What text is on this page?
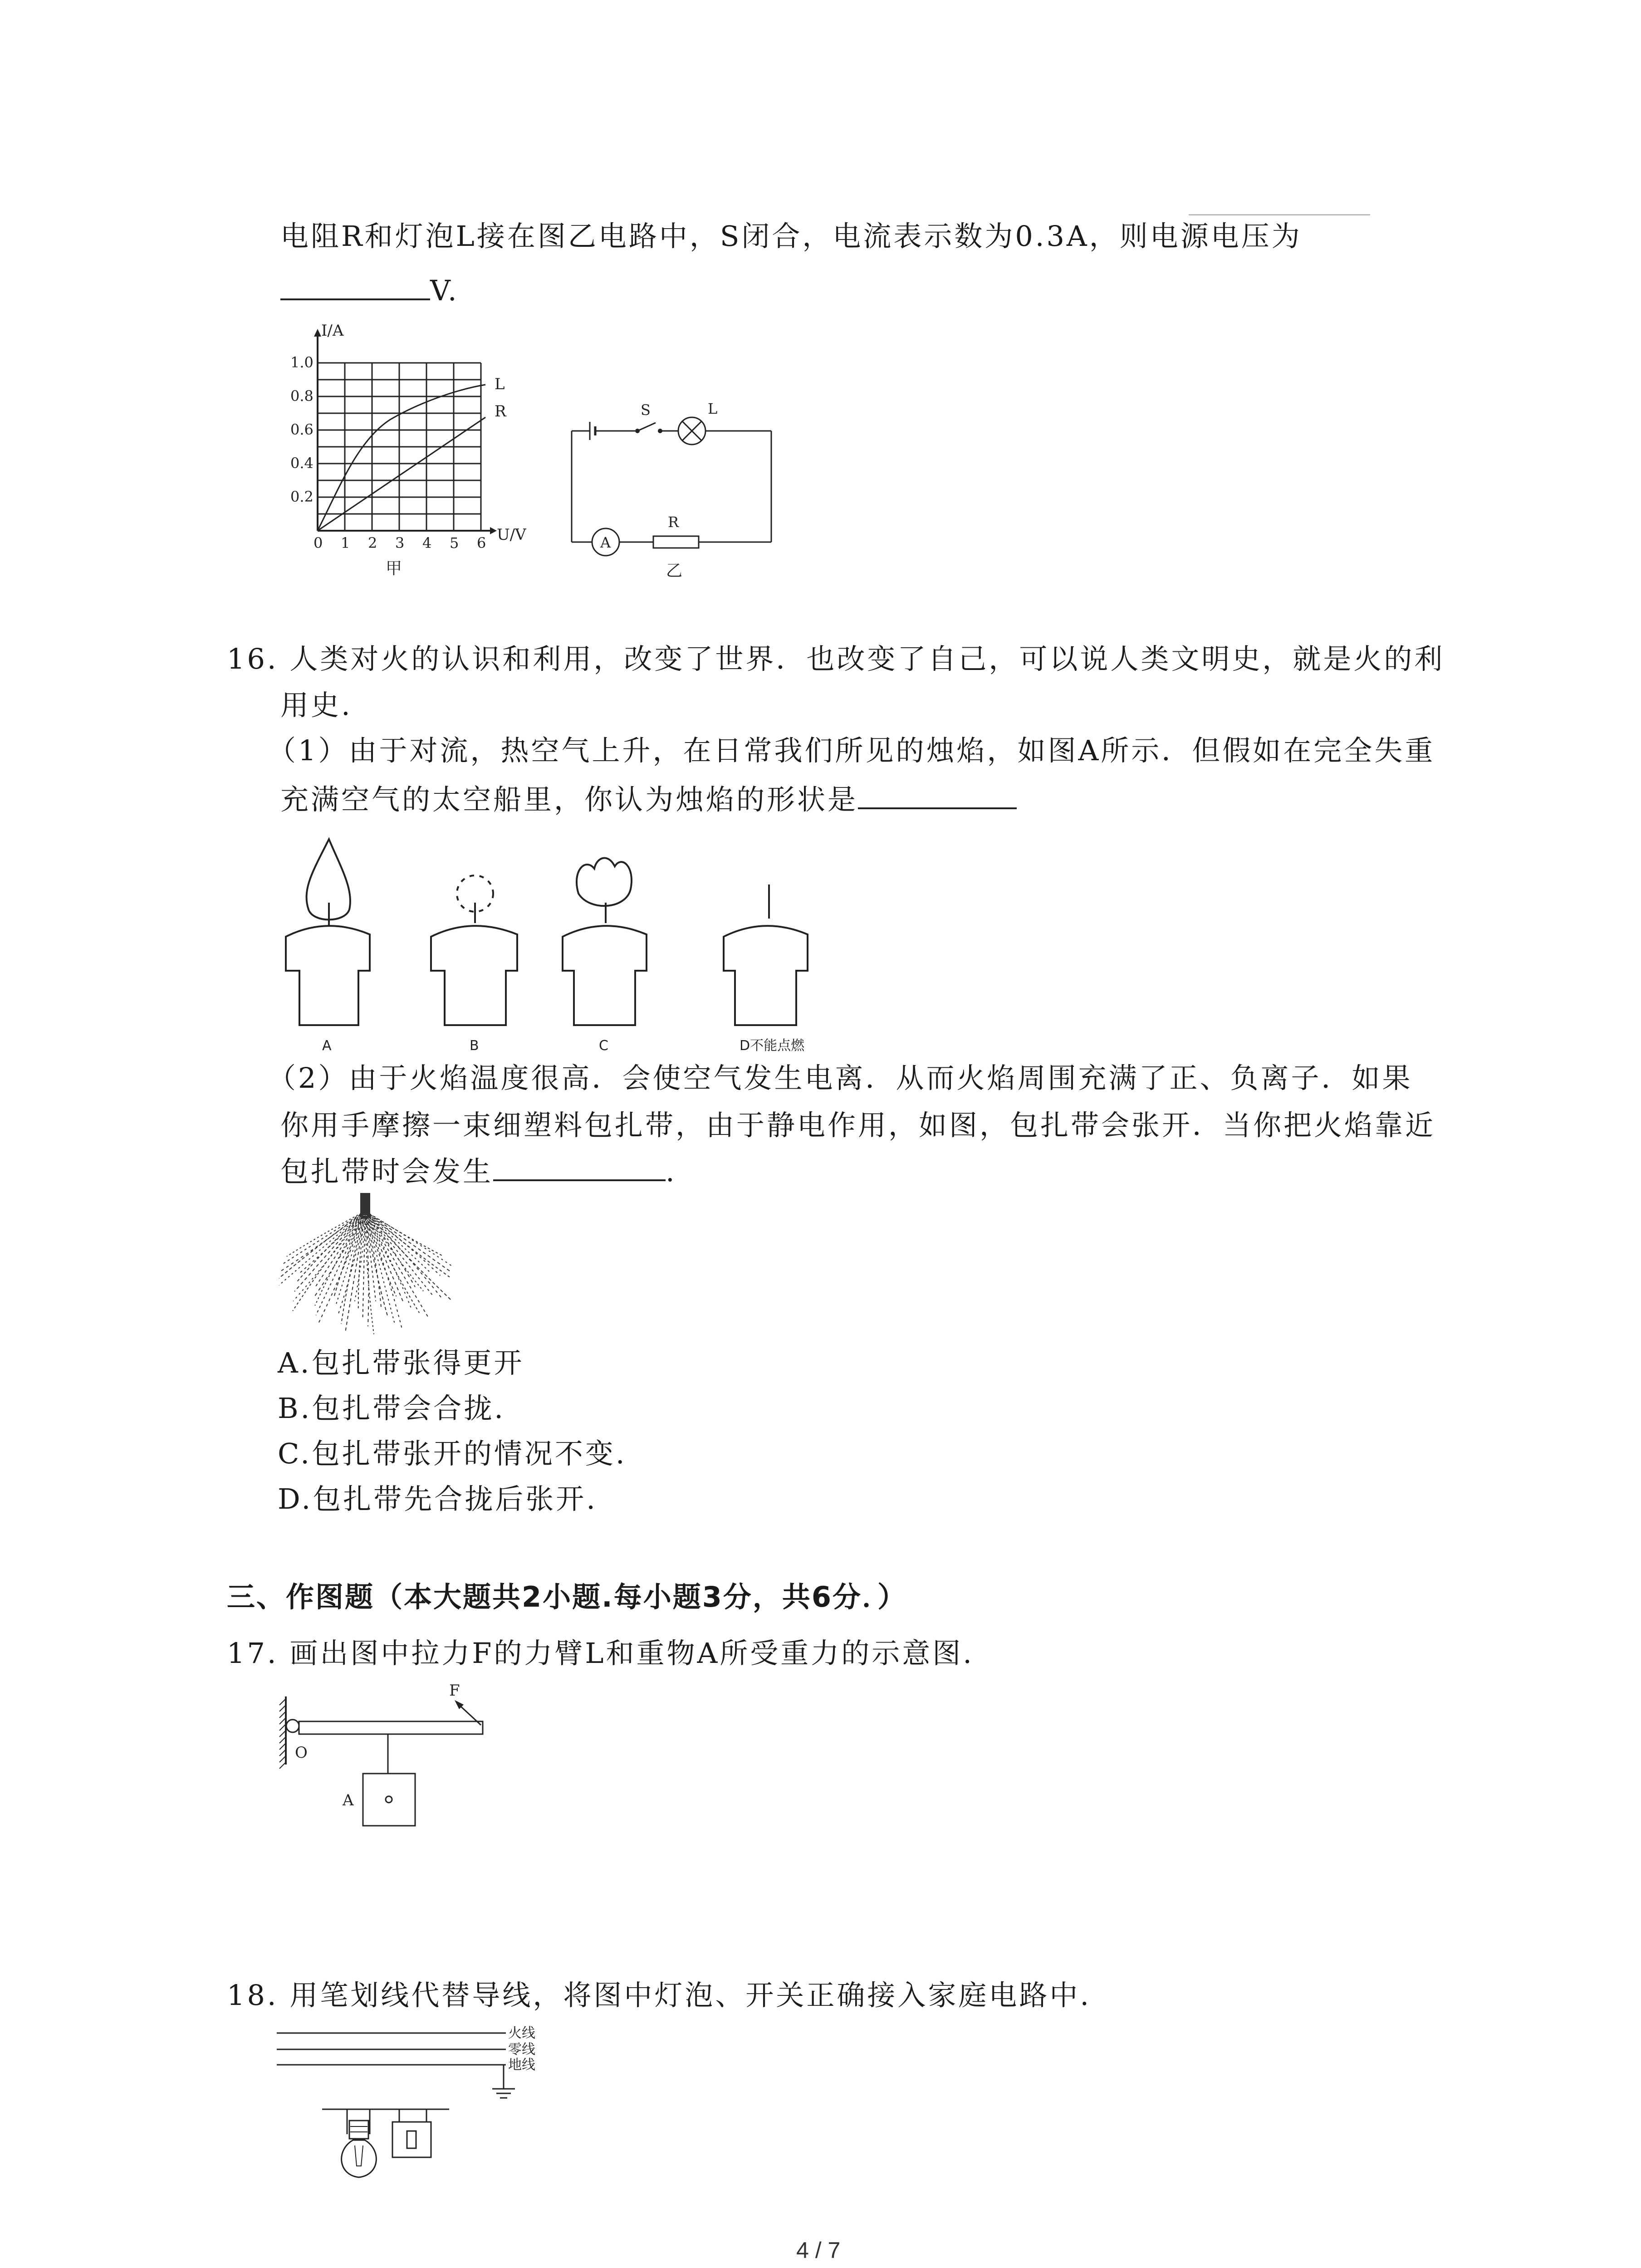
电阻R和灯泡L接在图乙电路中，S闭合，电流表示数为0.3A，则电源电压为
V.
I/A
U/V
L
R
1.0
0.8
0.6
0.4
0.2
0 1 2 3 4 5 6
甲
S	L
R
A
乙
16. 人类对火的认识和利用，改变了世界．也改变了自己，可以说人类文明史，就是火的利
用史.
（1）由于对流，热空气上升，在日常我们所见的烛焰，如图A所示．但假如在完全失重
充满空气的太空船里，你认为烛焰的形状是
A	B	C	D不能点燃
（2）由于火焰温度很高．会使空气发生电离．从而火焰周围充满了正、负离子．如果
你用手摩擦一束细塑料包扎带，由于静电作用，如图，包扎带会张开．当你把火焰靠近
包扎带时会发生	.
A.包扎带张得更开
B.包扎带会合拢.
C.包扎带张开的情况不变.
D.包扎带先合拢后张开.
三、作图题（本大题共2小题.每小题3分，共6分．）
17. 画出图中拉力F的力臂L和重物A所受重力的示意图.
F
O
A
18. 用笔划线代替导线，将图中灯泡、开关正确接入家庭电路中.
火线
零线
地线
4 / 7
